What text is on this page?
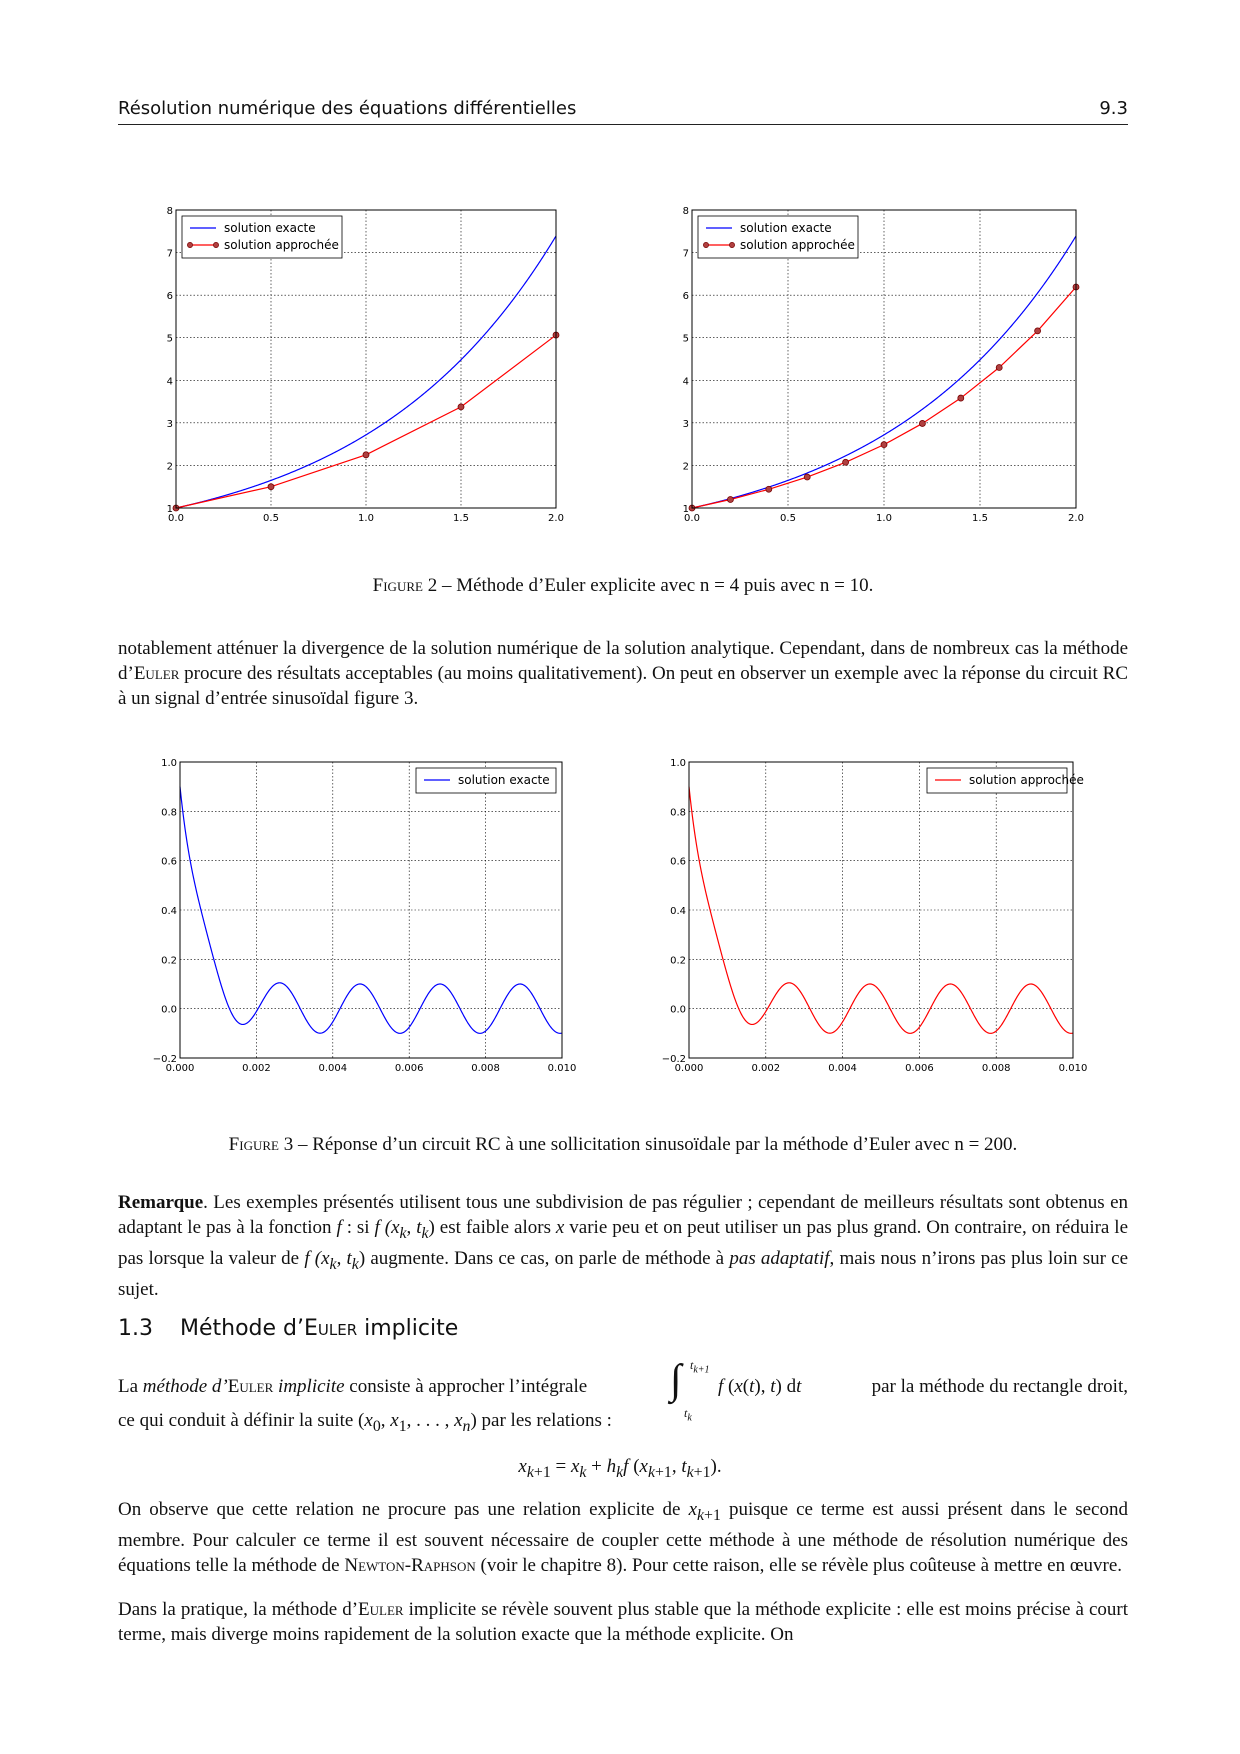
Résolution numérique des équations différentielles	9.3
0.0	0.5	1.0	1.5	2.0
1
2
3
4
5
6
7
8
solution exacte
solution approchée
0.0	0.5	1.0	1.5	2.0
1
2
3
4
5
6
7
8
solution exacte
solution approchée
Figure 2 – Méthode d’Euler explicite avec n = 4 puis avec n = 10.

notablement atténuer la divergence de la solution numérique de la solution analytique. Cependant, dans de nombreux cas la méthode d’Euler procure des résultats acceptables (au moins qualitativement). On peut en observer un exemple avec la réponse du circuit RC à un signal d’entrée sinusoïdal figure 3.

0.000	0.002	0.004	0.006	0.008	0.010
−0.2
0.0
0.2
0.4
0.6
0.8
1.0
solution exacte
0.000	0.002	0.004	0.006	0.008	0.010
−0.2
0.0
0.2
0.4
0.6
0.8
1.0
solution approchée
Figure 3 – Réponse d’un circuit RC à une sollicitation sinusoïdale par la méthode d’Euler avec n = 200.

Remarque. Les exemples présentés utilisent tous une subdivision de pas régulier ; cependant de meilleurs résultats sont obtenus en adaptant le pas à la fonction f : si f ($x_k$, $t_k$) est faible alors x varie peu et on peut utiliser un pas plus grand. On contraire, on réduira le pas lorsque la valeur de f ($x_k$, $t_k$) augmente. Dans ce cas, on parle de méthode à pas adaptatif, mais nous n’irons pas plus loin sur ce sujet.

1.3 Méthode d’Euler implicite
La méthode d’Euler implicite consiste à approcher l’intégrale ∫ $t_{k+1}$
$t_k$
f (x(t), t) dt	par la méthode du rectangle droit,
ce qui conduit à définir la suite ($x_0$, $x_1$, . . . , $x_n$) par les relations :
$x_{k+1} = x_k + h_kf$ ($x_{k+1}$, $t_{k+1}$).

On observe que cette relation ne procure pas une relation explicite de $x_{k+1}$ puisque ce terme est aussi présent dans le second membre. Pour calculer ce terme il est souvent nécessaire de coupler cette méthode à une méthode de résolution numérique des équations telle la méthode de Newton-Raphson (voir le chapitre 8). Pour cette raison, elle se révèle plus coûteuse à mettre en œuvre.

Dans la pratique, la méthode d’Euler implicite se révèle souvent plus stable que la méthode explicite : elle est moins précise à court terme, mais diverge moins rapidement de la solution exacte que la méthode explicite. On
